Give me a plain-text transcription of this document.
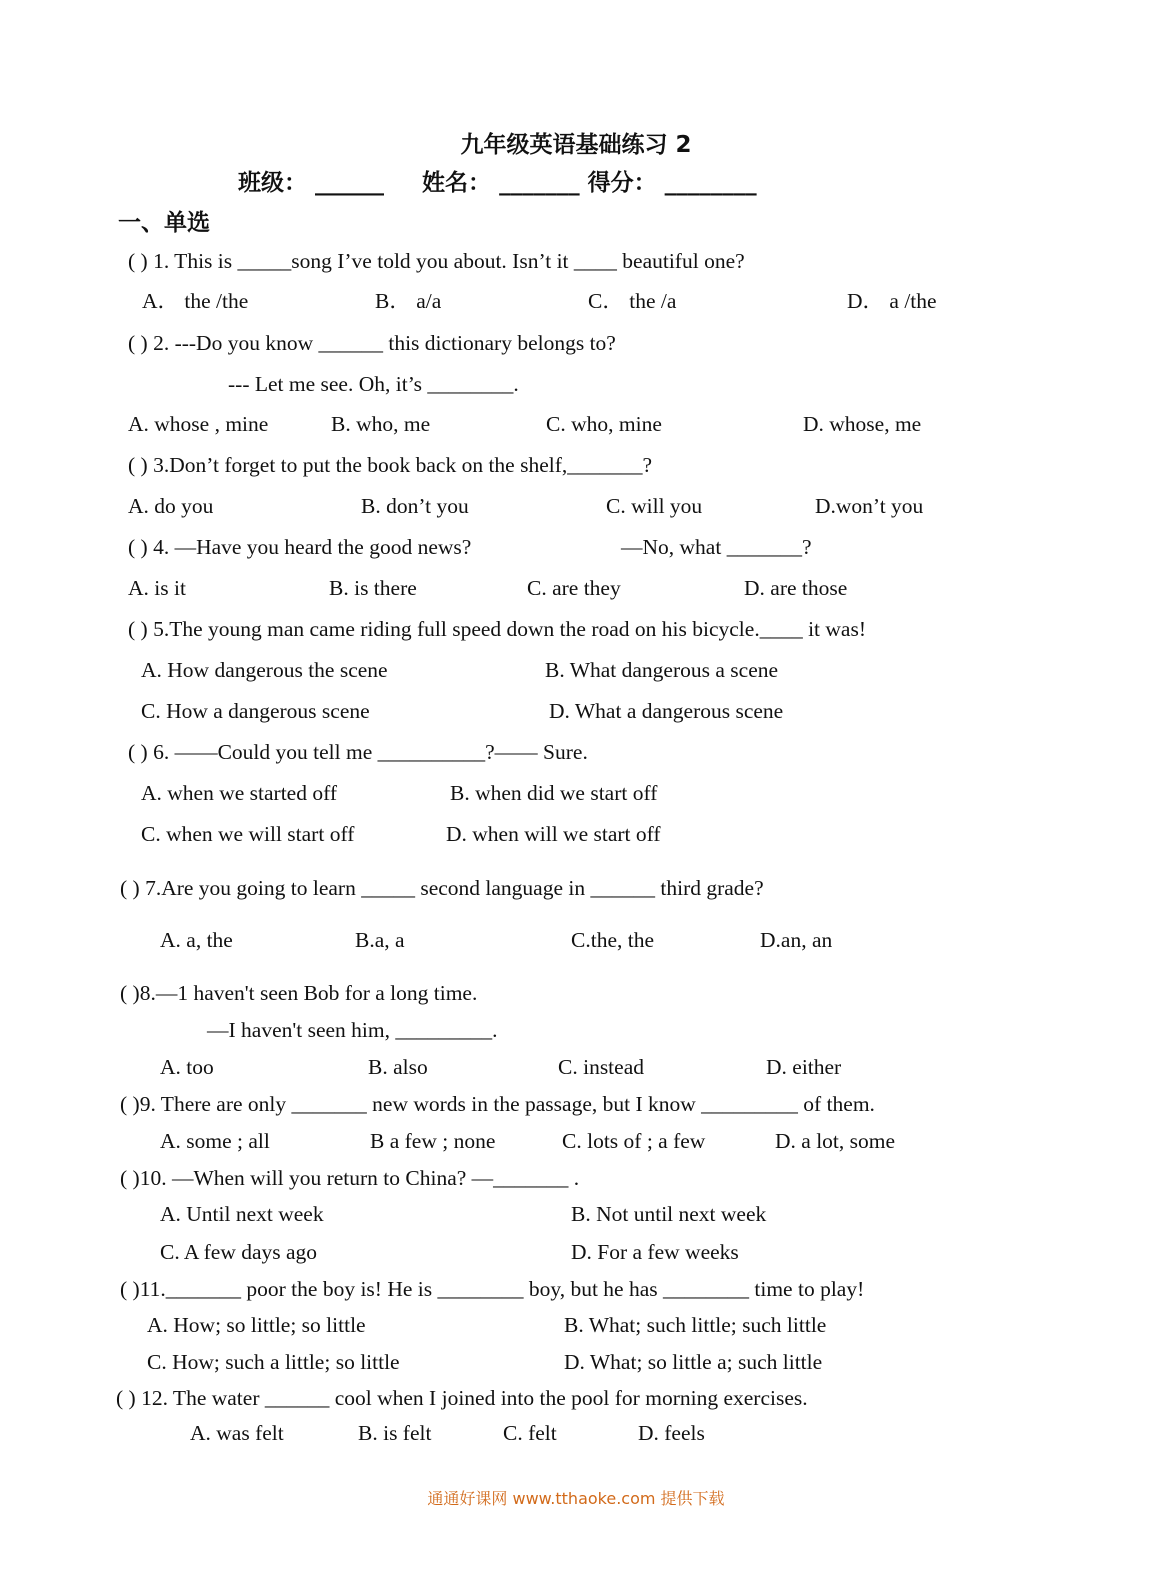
九年级英语基础练习 2
班级： ______ 姓名： _______ 得分： ________
一、单选
( ) 1. This is _____song I’ve told you about. Isn’t it ____ beautiful one?
A． the /the	B． a/a	C． the /a	D． a /the
( ) 2. ---Do you know ______ this dictionary belongs to?
--- Let me see. Oh, it’s ________.
A. whose , mine	B. who, me	C. who, mine	D. whose, me
( ) 3.Don’t forget to put the book back on the shelf,_______?
A. do you	B. don’t you	C. will you	D.won’t you
( ) 4. —Have you heard the good news?	—No, what _______?
A. is it	B. is there	C. are they	D. are those
( ) 5.The young man came riding full speed down the road on his bicycle.____ it was!
A. How dangerous the scene	B. What dangerous a scene
C. How a dangerous scene	D. What a dangerous scene
( ) 6. ——Could you tell me __________?—— Sure.
A. when we started off	B. when did we start off
C. when we will start off	D. when will we start off
( ) 7.Are you going to learn _____ second language in ______ third grade?
A. a, the	B.a, a	C.the, the	D.an, an
( )8.—1 haven't seen Bob for a long time.
—I haven't seen him, _________.
A. too	B. also	C. instead	D. either
( )9. There are only _______ new words in the passage, but I know _________ of them.
A. some ; all	B a few ; none	C. lots of ; a few	D. a lot, some
( )10. —When will you return to China? —_______ .
A. Until next week	B. Not until next week
C. A few days ago	D. For a few weeks
( )11._______ poor the boy is! He is ________ boy, but he has ________ time to play!
A. How; so little; so little	B. What; such little; such little
C. How; such a little; so little	D. What; so little a; such little
( ) 12. The water ______ cool when I joined into the pool for morning exercises.
A. was felt	B. is felt	C. felt	D. feels
通通好课网 www.tthaoke.com 提供下载
